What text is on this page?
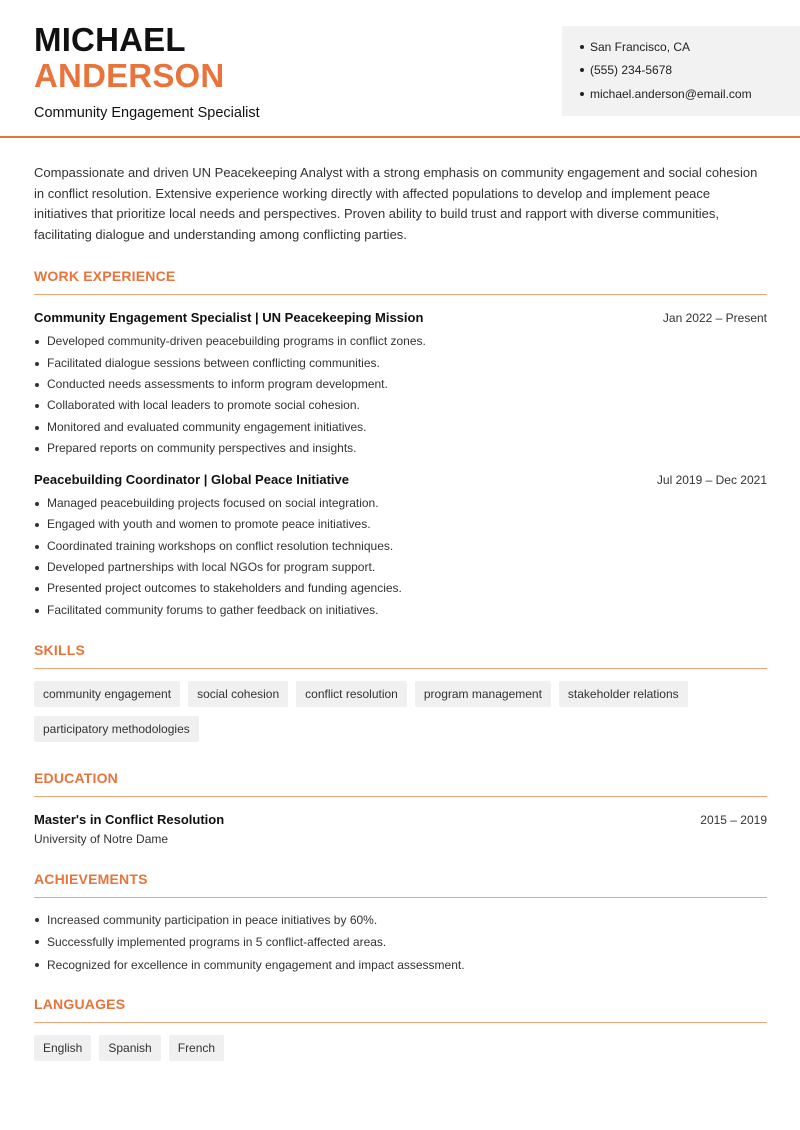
MICHAEL
ANDERSON
Community Engagement Specialist
San Francisco, CA
(555) 234-5678
michael.anderson@email.com

Compassionate and driven UN Peacekeeping Analyst with a strong emphasis on community engagement and social cohesion in conflict resolution. Extensive experience working directly with affected populations to develop and implement peace initiatives that prioritize local needs and perspectives. Proven ability to build trust and rapport with diverse communities, facilitating dialogue and understanding among conflicting parties.

WORK EXPERIENCE
Community Engagement Specialist | UN Peacekeeping Mission	Jan 2022 – Present
Developed community-driven peacebuilding programs in conflict zones.
Facilitated dialogue sessions between conflicting communities.
Conducted needs assessments to inform program development.
Collaborated with local leaders to promote social cohesion.
Monitored and evaluated community engagement initiatives.
Prepared reports on community perspectives and insights.
Peacebuilding Coordinator | Global Peace Initiative	Jul 2019 – Dec 2021
Managed peacebuilding projects focused on social integration.
Engaged with youth and women to promote peace initiatives.
Coordinated training workshops on conflict resolution techniques.
Developed partnerships with local NGOs for program support.
Presented project outcomes to stakeholders and funding agencies.
Facilitated community forums to gather feedback on initiatives.
SKILLS
community engagement	social cohesion	conflict resolution	program management	stakeholder relations
participatory methodologies
EDUCATION
Master's in Conflict Resolution	2015 – 2019
University of Notre Dame
ACHIEVEMENTS
Increased community participation in peace initiatives by 60%.
Successfully implemented programs in 5 conflict-affected areas.
Recognized for excellence in community engagement and impact assessment.
LANGUAGES
English	Spanish	French
